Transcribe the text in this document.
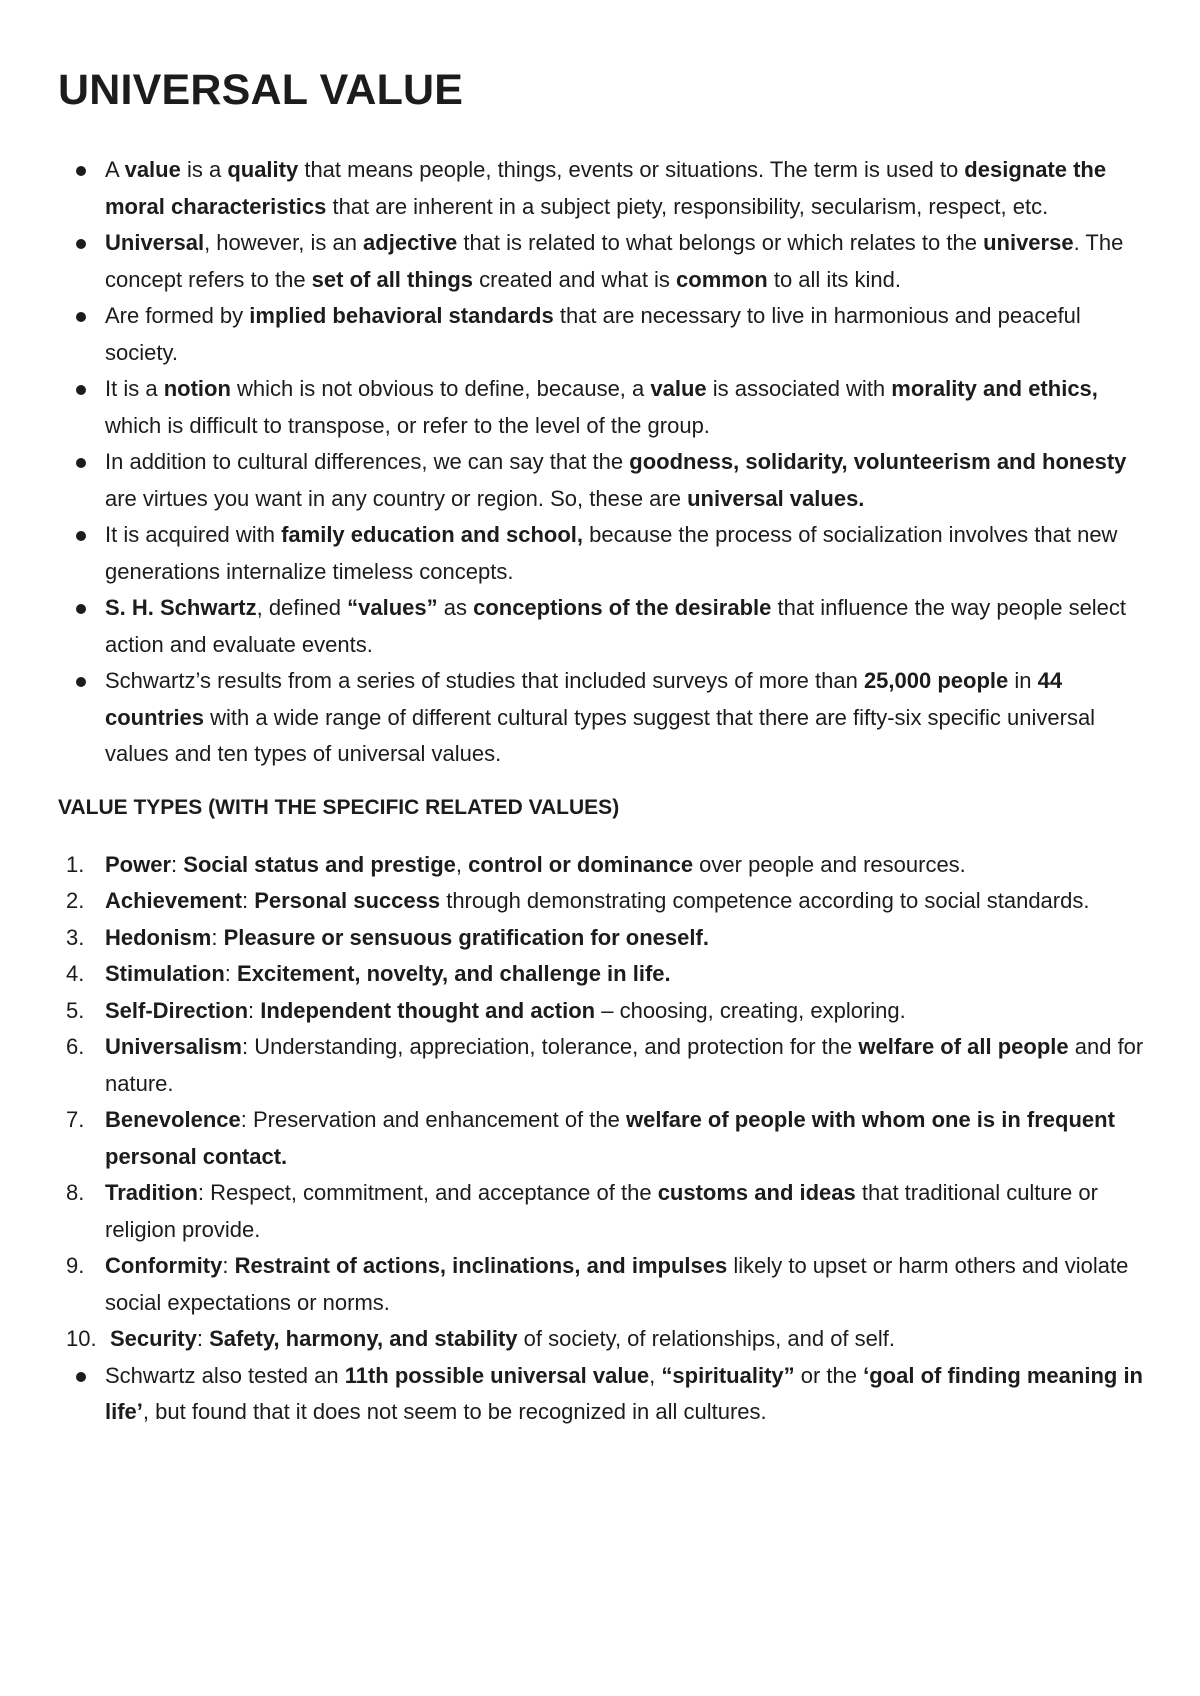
UNIVERSAL VALUE
A value is a quality that means people, things, events or situations. The term is used to designate the moral characteristics that are inherent in a subject piety, responsibility, secularism, respect, etc.
Universal, however, is an adjective that is related to what belongs or which relates to the universe. The concept refers to the set of all things created and what is common to all its kind.
Are formed by implied behavioral standards that are necessary to live in harmonious and peaceful society.
It is a notion which is not obvious to define, because, a value is associated with morality and ethics, which is difficult to transpose, or refer to the level of the group.
In addition to cultural differences, we can say that the goodness, solidarity, volunteerism and honesty are virtues you want in any country or region. So, these are universal values.
It is acquired with family education and school, because the process of socialization involves that new generations internalize timeless concepts.
S. H. Schwartz, defined “values” as conceptions of the desirable that influence the way people select action and evaluate events.
Schwartz’s results from a series of studies that included surveys of more than 25,000 people in 44 countries with a wide range of different cultural types suggest that there are fifty-six specific universal values and ten types of universal values.
VALUE TYPES (WITH THE SPECIFIC RELATED VALUES)
1. Power: Social status and prestige, control or dominance over people and resources.
2. Achievement: Personal success through demonstrating competence according to social standards.
3. Hedonism: Pleasure or sensuous gratification for oneself.
4. Stimulation: Excitement, novelty, and challenge in life.
5. Self-Direction: Independent thought and action – choosing, creating, exploring.
6. Universalism: Understanding, appreciation, tolerance, and protection for the welfare of all people and for nature.
7. Benevolence: Preservation and enhancement of the welfare of people with whom one is in frequent personal contact.
8. Tradition: Respect, commitment, and acceptance of the customs and ideas that traditional culture or religion provide.
9. Conformity: Restraint of actions, inclinations, and impulses likely to upset or harm others and violate social expectations or norms.
10. Security: Safety, harmony, and stability of society, of relationships, and of self.
Schwartz also tested an 11th possible universal value, “spirituality” or the ‘goal of finding meaning in life’, but found that it does not seem to be recognized in all cultures.
